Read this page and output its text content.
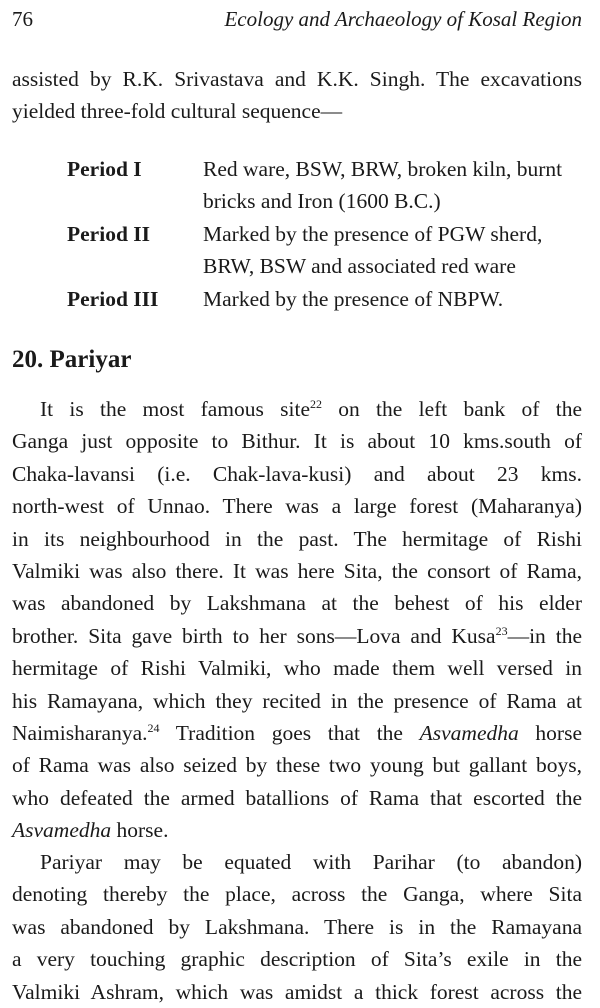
76	Ecology and Archaeology of Kosal Region

assisted by R.K. Srivastava and K.K. Singh. The excavations
yielded three-fold cultural sequence—

Period I	Red ware, BSW, BRW, broken kiln, burnt
bricks and Iron (1600 B.C.)
Period II Marked by the presence of PGW sherd,
BRW, BSW and associated red ware
Period III Marked by the presence of NBPW.
20. Pariyar

It is the most famous site$^{22}$ on the left bank of the
Ganga just opposite to Bithur. It is about 10 kms.south of
Chaka-lavansi (i.e. Chak-lava-kusi) and about 23 kms.
north-west of Unnao. There was a large forest (Maharanya)
in its neighbourhood in the past. The hermitage of Rishi
Valmiki was also there. It was here Sita, the consort of Rama,
was abandoned by Lakshmana at the behest of his elder
brother. Sita gave birth to her sons—Lova and Kusa$^{23}$—in the
hermitage of Rishi Valmiki, who made them well versed in
his Ramayana, which they recited in the presence of Rama at
Naimisharanya.$^{24}$ Tradition goes that the Asvamedha horse
of Rama was also seized by these two young but gallant boys,
who defeated the armed batallions of Rama that escorted the
Asvamedha horse.

Pariyar may be equated with Parihar (to abandon)
denoting thereby the place, across the Ganga, where Sita
was abandoned by Lakshmana. There is in the Ramayana
a very touching graphic description of Sita’s exile in the
Valmiki Ashram, which was amidst a thick forest across the
